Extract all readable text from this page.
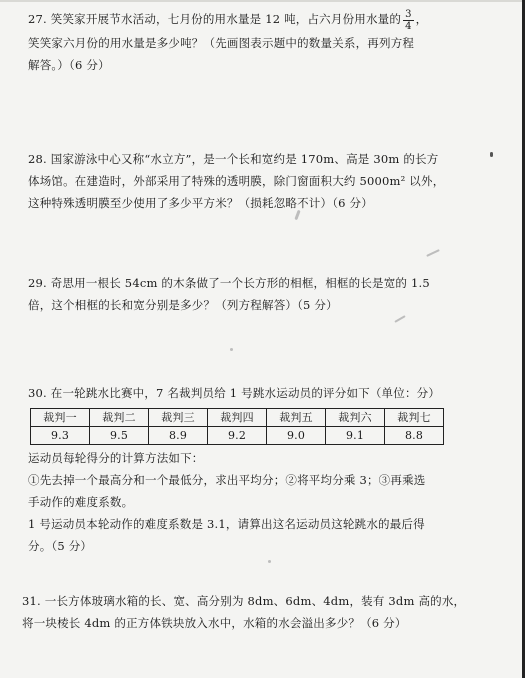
27. 笑笑家开展节水活动，七月份的用水量是 12 吨，占六月份用水量的 $\frac{3}{4}$ ，

笑笑家六月份的用水量是多少吨？（先画图表示题中的数量关系，再列方程

解答。）（6 分）

28. 国家游泳中心又称“水立方”，是一个长和宽约是 170m、高是 30m 的长方

体场馆。在建造时，外部采用了特殊的透明膜，除门窗面积大约 5000m² 以外，

这种特殊透明膜至少使用了多少平方米？（损耗忽略不计）（6 分）

29. 奇思用一根长 54cm 的木条做了一个长方形的相框，相框的长是宽的 1.5

倍，这个相框的长和宽分别是多少？（列方程解答）（5 分）

30. 在一轮跳水比赛中，7 名裁判员给 1 号跳水运动员的评分如下（单位：分）

裁判一	裁判二	裁判三	裁判四	裁判五	裁判六	裁判七
9.3	9.5	8.9	9.2	9.0	9.1	8.8

运动员每轮得分的计算方法如下：

①先去掉一个最高分和一个最低分，求出平均分；②将平均分乘 3；③再乘选

手动作的难度系数。

1 号运动员本轮动作的难度系数是 3.1，请算出这名运动员这轮跳水的最后得

分。（5 分）

31. 一长方体玻璃水箱的长、宽、高分别为 8dm、6dm、4dm，装有 3dm 高的水，

将一块棱长 4dm 的正方体铁块放入水中，水箱的水会溢出多少？（6 分）
